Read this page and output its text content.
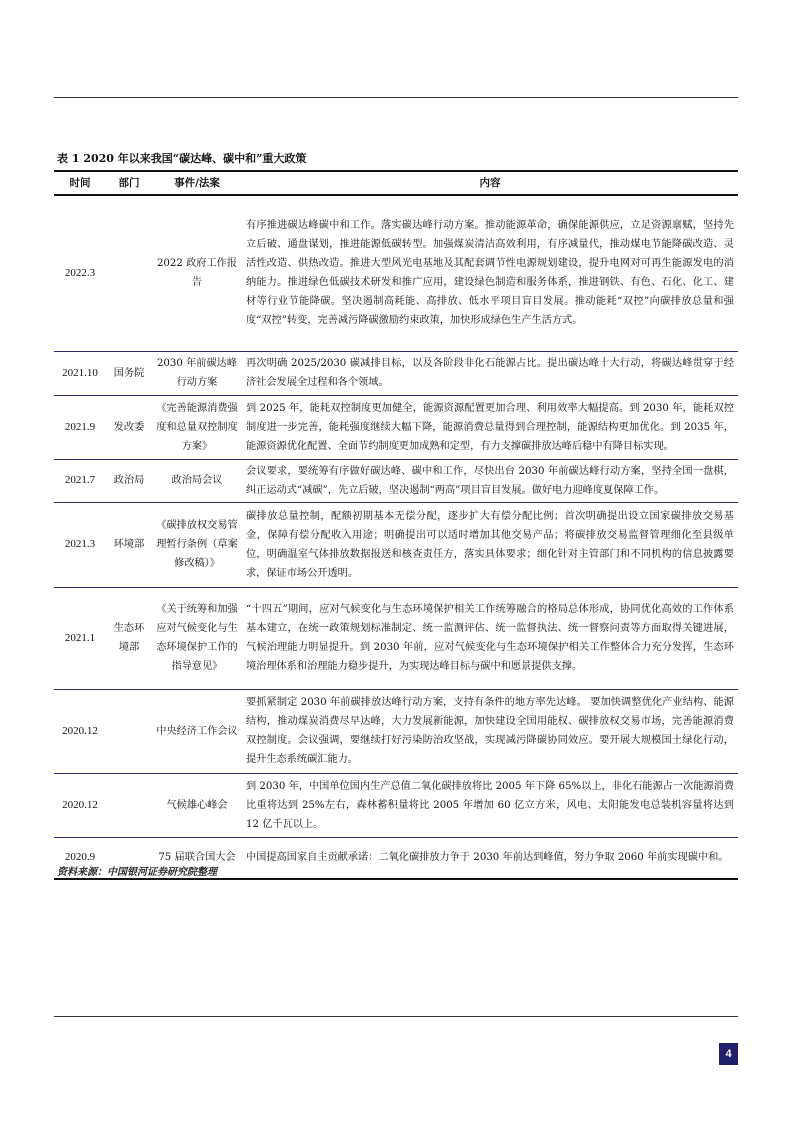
表 1 2020 年以来我国“碳达峰、碳中和”重大政策
时间	部门	事件/法案	内容
2022.3		2022 政府工作报告	有序推进碳达峰碳中和工作。落实碳达峰行动方案。推动能源革命，确保能源供应，立足资源禀赋，坚持先立后破、通盘谋划，推进能源低碳转型。加强煤炭清洁高效利用，有序减量代，推动煤电节能降碳改造、灵活性改造、供热改造。推进大型风光电基地及其配套调节性电源规划建设，提升电网对可再生能源发电的消纳能力。推进绿色低碳技术研发和推广应用，建设绿色制造和服务体系，推进钢铁、有色、石化、化工、建材等行业节能降碳。坚决遏制高耗能、高排放、低水平项目盲目发展。推动能耗“双控”向碳排放总量和强度“双控”转变，完善减污降碳激励约束政策，加快形成绿色生产生活方式。
2021.10	国务院	2030 年前碳达峰行动方案	再次明确 2025/2030 碳减排目标，以及各阶段非化石能源占比。提出碳达峰十大行动，将碳达峰贯穿于经济社会发展全过程和各个领域。
2021.9	发改委	《完善能源消费强度和总量双控制度方案》	到 2025 年，能耗双控制度更加健全，能源资源配置更加合理、利用效率大幅提高。到 2030 年，能耗双控制度进一步完善，能耗强度继续大幅下降，能源消费总量得到合理控制，能源结构更加优化。到 2035 年，能源资源优化配置、全面节约制度更加成熟和定型，有力支撑碳排放达峰后稳中有降目标实现。
2021.7	政治局	政治局会议	会议要求，要统筹有序做好碳达峰、碳中和工作，尽快出台 2030 年前碳达峰行动方案，坚持全国一盘棋，纠正运动式“减碳”，先立后破，坚决遏制“两高”项目盲目发展。做好电力迎峰度夏保障工作。
2021.3	环境部	《碳排放权交易管理暂行条例（草案修改稿）》	碳排放总量控制，配额初期基本无偿分配，逐步扩大有偿分配比例；首次明确提出设立国家碳排放交易基金，保障有偿分配收入用途；明确提出可以适时增加其他交易产品；将碳排放交易监督管理细化至县级单位，明确温室气体排放数据报送和核查责任方，落实具体要求；细化针对主管部门和不同机构的信息披露要求，保证市场公开透明。
2021.1	生态环境部	《关于统筹和加强应对气候变化与生态环境保护工作的指导意见》	“十四五”期间，应对气候变化与生态环境保护相关工作统筹融合的格局总体形成，协同优化高效的工作体系基本建立，在统一政策规划标准制定、统一监测评估、统一监督执法、统一督察问责等方面取得关键进展，气候治理能力明显提升。到 2030 年前，应对气候变化与生态环境保护相关工作整体合力充分发挥，生态环境治理体系和治理能力稳步提升，为实现达峰目标与碳中和愿景提供支撑。
2020.12		中央经济工作会议	要抓紧制定 2030 年前碳排放达峰行动方案，支持有条件的地方率先达峰。 要加快调整优化产业结构、能源结构，推动煤炭消费尽早达峰，大力发展新能源，加快建设全国用能权、碳排放权交易市场，完善能源消费双控制度。会议强调，要继续打好污染防治攻坚战，实现减污降碳协同效应。要开展大规模国土绿化行动，提升生态系统碳汇能力。
2020.12		气候雄心峰会	到 2030 年，中国单位国内生产总值二氧化碳排放将比 2005 年下降 65%以上，非化石能源占一次能源消费比重将达到 25%左右，森林蓄积量将比 2005 年增加 60 亿立方米，风电、太阳能发电总装机容量将达到 12 亿千瓦以上。
2020.9		75 届联合国大会	中国提高国家自主贡献承诺：二氧化碳排放力争于 2030 年前达到峰值，努力争取 2060 年前实现碳中和。
资料来源：中国银河证券研究院整理
4
